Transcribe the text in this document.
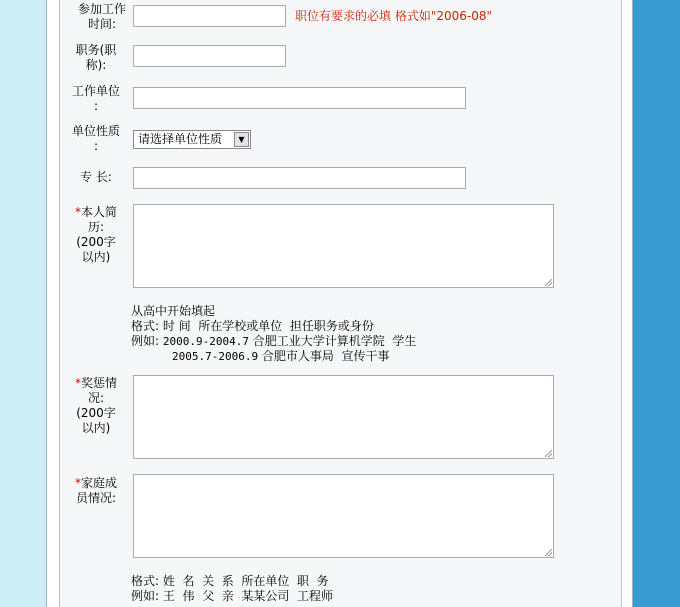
参加工作
时间:
职位有要求的必填 格式如"2006-08"
职务(职
称):
工作单位
:
单位性质
:	请选择单位性质	▼
专 长:
*本人简
历:
(200字
以内)
从高中开始填起
格式: 时 间  所在学校或单位  担任职务或身份
例如: 2000.9-2004.7 合肥工业大学计算机学院  学生
2005.7-2006.9 合肥市人事局  宣传干事
*奖惩情
况:
(200字
以内)
*家庭成
员情况:
格式: 姓  名  关  系  所在单位  职  务
例如: 王  伟  父  亲  某某公司  工程师
